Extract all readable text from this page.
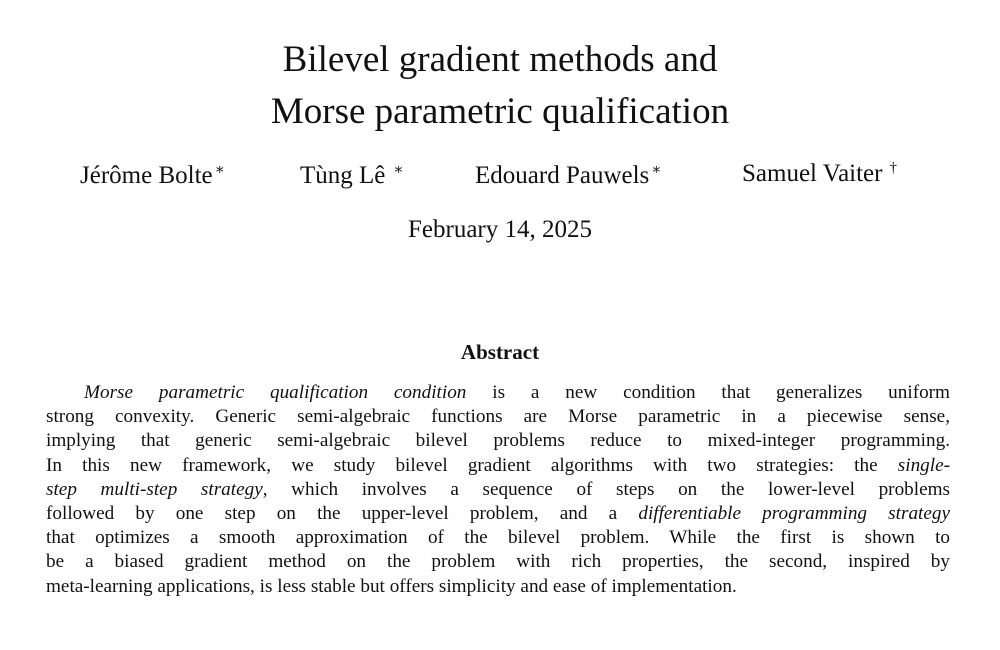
Bilevel gradient methods and
Morse parametric qualification
Jérôme Bolte ∗	Tùng Lê ∗	Edouard Pauwels ∗	Samuel Vaiter †
February 14, 2025
Abstract
Morse parametric qualification condition is a new condition that generalizes uniform
strong convexity. Generic semi-algebraic functions are Morse parametric in a piecewise sense,
implying that generic semi-algebraic bilevel problems reduce to mixed-integer programming.
In this new framework, we study bilevel gradient algorithms with two strategies: the single-
step multi-step strategy, which involves a sequence of steps on the lower-level problems
followed by one step on the upper-level problem, and a differentiable programming strategy
that optimizes a smooth approximation of the bilevel problem. While the first is shown to
be a biased gradient method on the problem with rich properties, the second, inspired by
meta-learning applications, is less stable but offers simplicity and ease of implementation.
